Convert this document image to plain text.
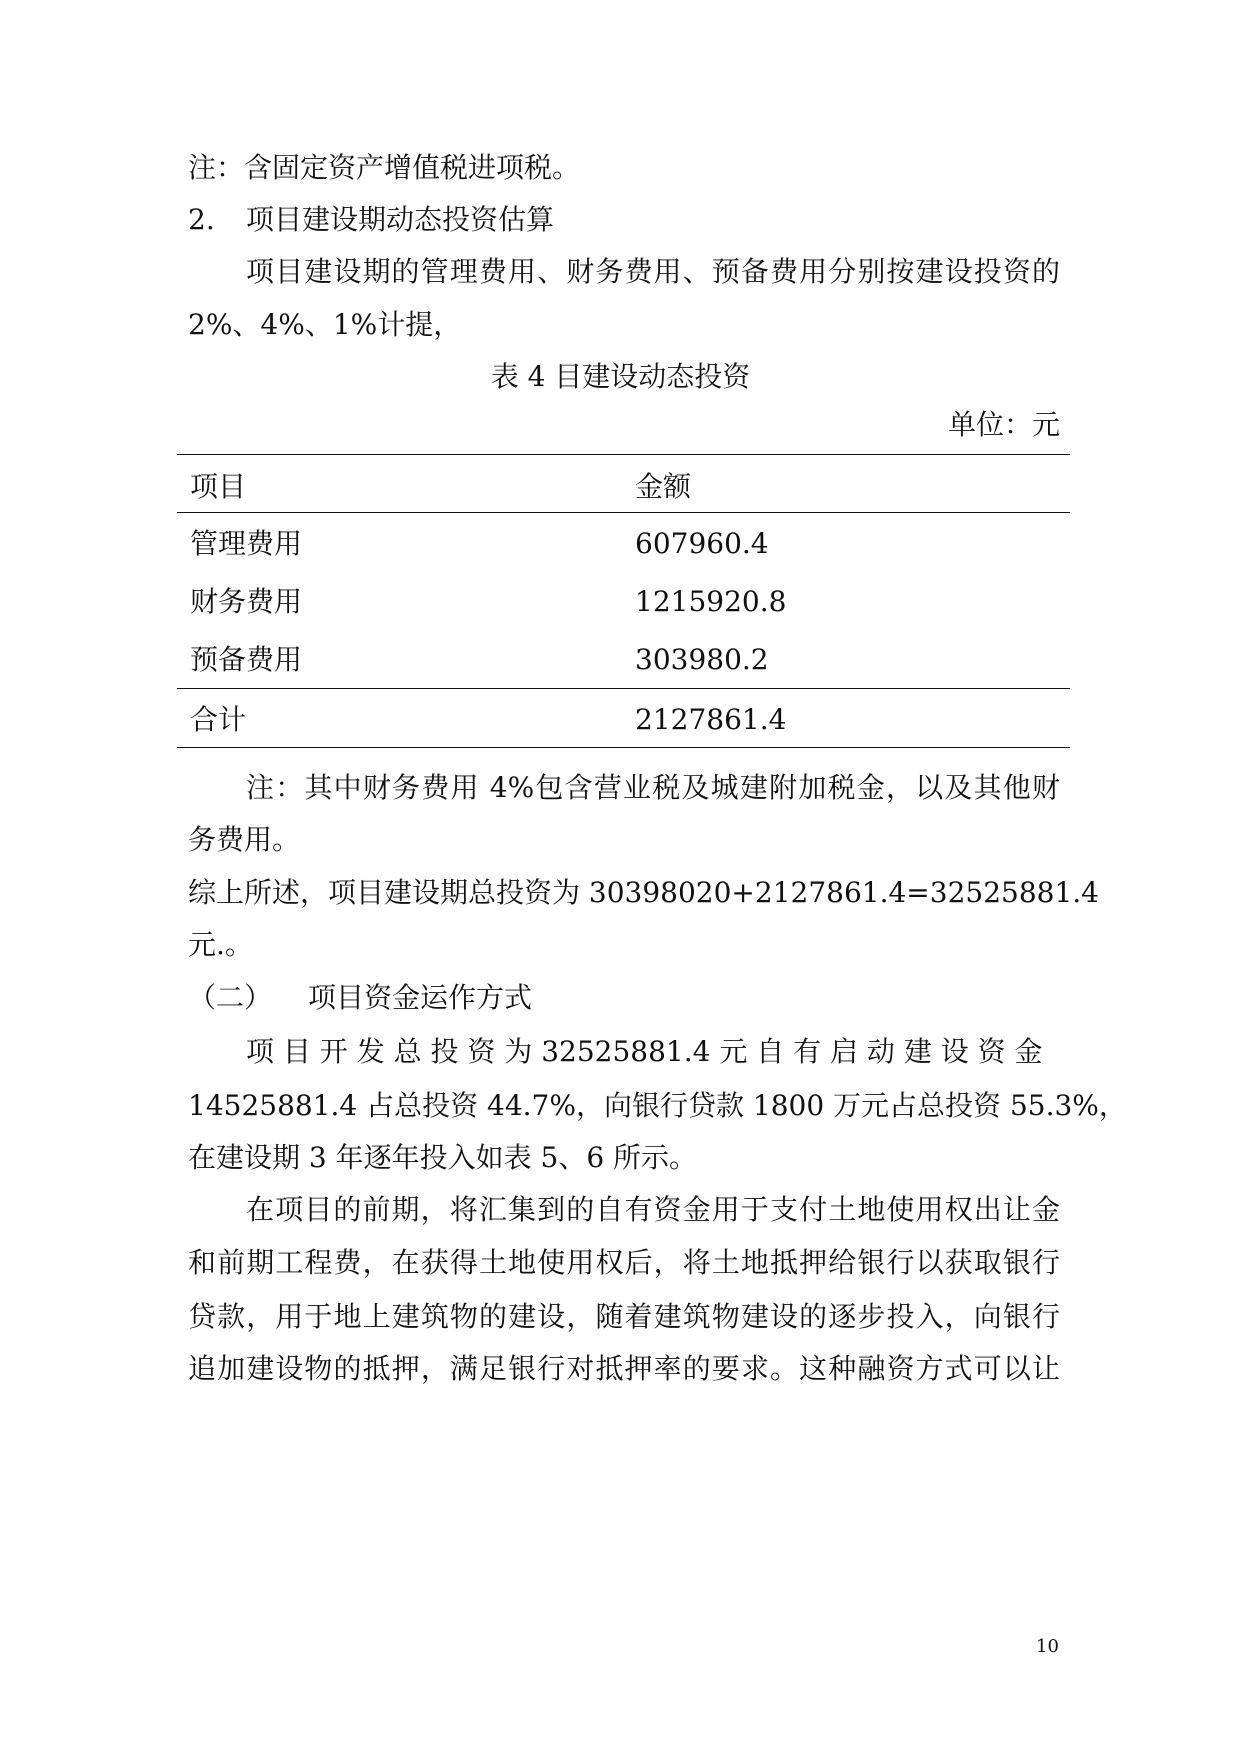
注：含固定资产增值税进项税。
2. 项目建设期动态投资估算
项目建设期的管理费用、财务费用、预备费用分别按建设投资的
2%、4%、1%计提，
表 4 目建设动态投资
单位：元
项目	金额
管理费用	607960.4
财务费用	1215920.8
预备费用	303980.2
合计	2127861.4
注：其中财务费用 4%包含营业税及城建附加税金，以及其他财
务费用。
综上所述，项目建设期总投资为 30398020+2127861.4=32525881.4
元.。
（二） 项目资金运作方式
项 目 开 发 总 投 资 为 32525881.4 元 自 有 启 动 建 设 资 金
14525881.4 占总投资 44.7%，向银行贷款 1800 万元占总投资 55.3%，
在建设期 3 年逐年投入如表 5、6 所示。
在项目的前期，将汇集到的自有资金用于支付土地使用权出让金
和前期工程费，在获得土地使用权后，将土地抵押给银行以获取银行
贷款，用于地上建筑物的建设，随着建筑物建设的逐步投入，向银行
追加建设物的抵押，满足银行对抵押率的要求。这种融资方式可以让
10
